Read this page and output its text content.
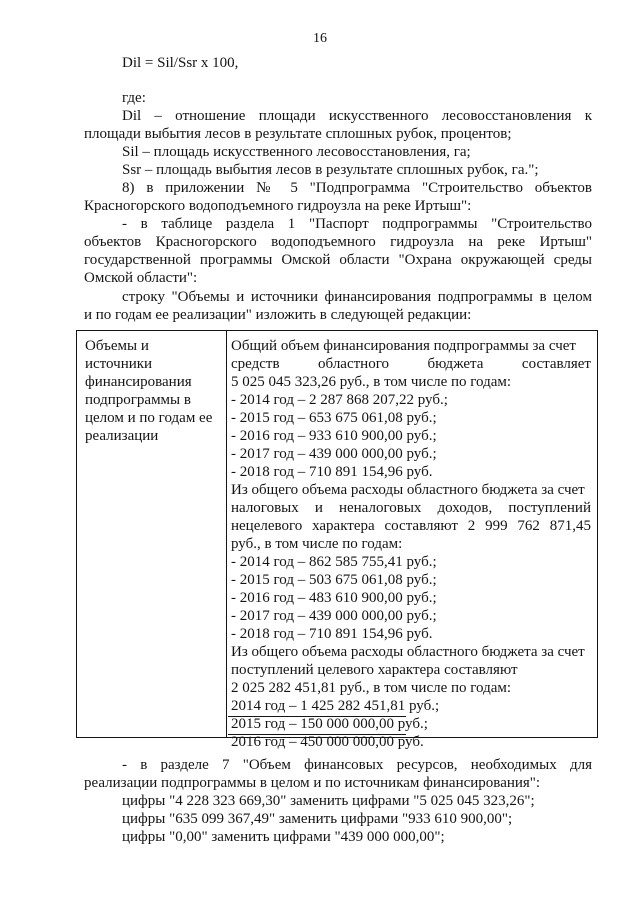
16
Dil = Sil/Ssr x 100,
где:
Dil – отношение площади искусственного лесовосстановления к
площади выбытия лесов в результате сплошных рубок, процентов;
Sil – площадь искусственного лесовосстановления, га;
Ssr – площадь выбытия лесов в результате сплошных рубок, га.";
8) в приложении № 5 "Подпрограмма "Строительство объектов
Красногорского водоподъемного гидроузла на реке Иртыш":
- в таблице раздела 1 "Паспорт подпрограммы "Строительство
объектов Красногорского водоподъемного гидроузла на реке Иртыш"
государственной программы Омской области "Охрана окружающей среды
Омской области":
строку "Объемы и источники финансирования подпрограммы в целом
и по годам ее реализации" изложить в следующей редакции:
Объемы и
источники
финансирования
подпрограммы в
целом и по годам ее
реализации
Общий объем финансирования подпрограммы за счет
средств областного бюджета составляет
5 025 045 323,26 руб., в том числе по годам:
- 2014 год – 2 287 868 207,22 руб.;
- 2015 год – 653 675 061,08 руб.;
- 2016 год – 933 610 900,00 руб.;
- 2017 год – 439 000 000,00 руб.;
- 2018 год – 710 891 154,96 руб.
Из общего объема расходы областного бюджета за счет
налоговых и неналоговых доходов, поступлений
нецелевого характера составляют 2 999 762 871,45
руб., в том числе по годам:
- 2014 год – 862 585 755,41 руб.;
- 2015 год – 503 675 061,08 руб.;
- 2016 год – 483 610 900,00 руб.;
- 2017 год – 439 000 000,00 руб.;
- 2018 год – 710 891 154,96 руб.
Из общего объема расходы областного бюджета за счет
поступлений целевого характера составляют
2 025 282 451,81 руб., в том числе по годам:
2014 год – 1 425 282 451,81 руб.;
2015 год – 150 000 000,00 руб.;
2016 год – 450 000 000,00 руб.
- в разделе 7 "Объем финансовых ресурсов, необходимых для
реализации подпрограммы в целом и по источникам финансирования":
цифры "4 228 323 669,30" заменить цифрами "5 025 045 323,26";
цифры "635 099 367,49" заменить цифрами "933 610 900,00";
цифры "0,00" заменить цифрами "439 000 000,00";
